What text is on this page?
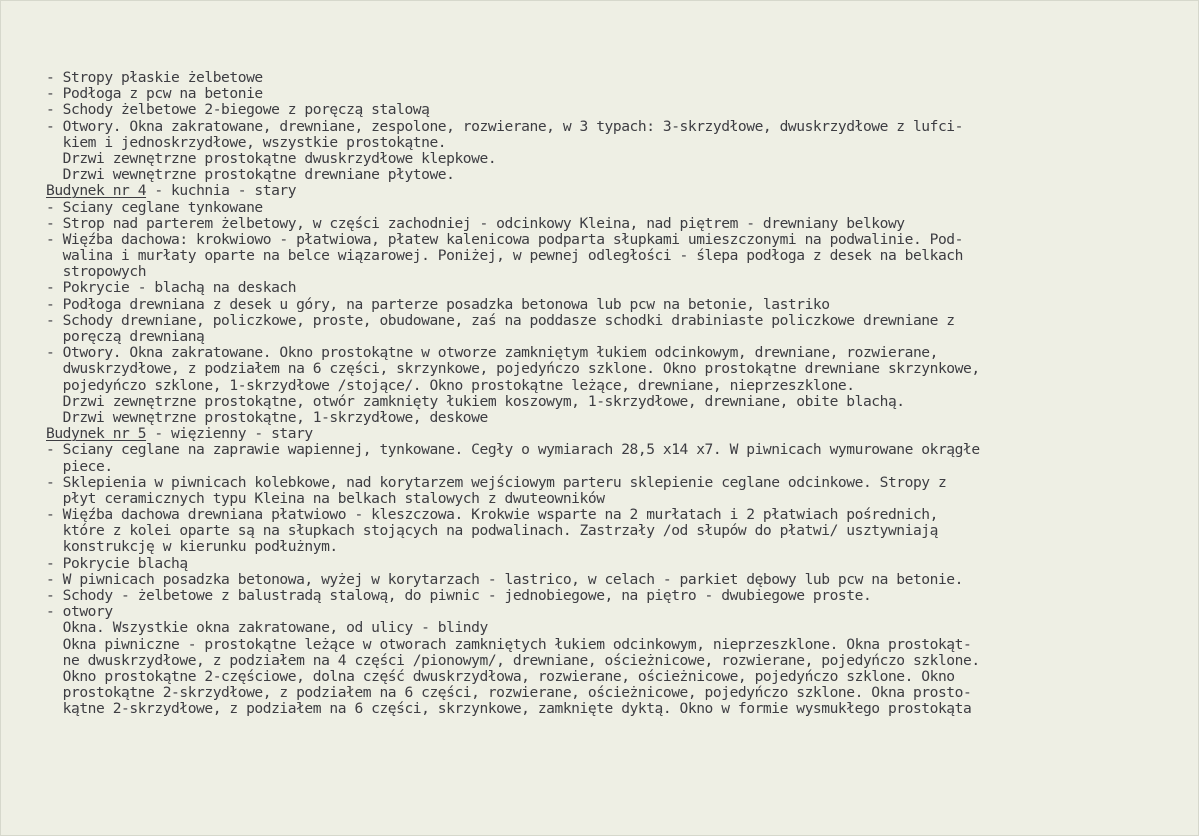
- Stropy płaskie żelbetowe
- Podłoga z pcw na betonie
- Schody żelbetowe 2-biegowe z poręczą stalową
- Otwory. Okna zakratowane, drewniane, zespolone, rozwierane, w 3 typach: 3-skrzydłowe, dwuskrzydłowe z lufci-
kiem i jednoskrzydłowe, wszystkie prostokątne.
Drzwi zewnętrzne prostokątne dwuskrzydłowe klepkowe.
Drzwi wewnętrzne prostokątne drewniane płytowe.
Budynek nr 4 - kuchnia - stary
- Sciany ceglane tynkowane
- Strop nad parterem żelbetowy, w części zachodniej - odcinkowy Kleina, nad piętrem - drewniany belkowy
- Więźba dachowa: krokwiowo - płatwiowa, płatew kalenicowa podparta słupkami umieszczonymi na podwalinie. Pod-
walina i murłaty oparte na belce wiązarowej. Poniżej, w pewnej odległości - ślepa podłoga z desek na belkach
stropowych
- Pokrycie - blachą na deskach
- Podłoga drewniana z desek u góry, na parterze posadzka betonowa lub pcw na betonie, lastriko
- Schody drewniane, policzkowe, proste, obudowane, zaś na poddasze schodki drabiniaste policzkowe drewniane z
poręczą drewnianą
- Otwory. Okna zakratowane. Okno prostokątne w otworze zamkniętym łukiem odcinkowym, drewniane, rozwierane,
dwuskrzydłowe, z podziałem na 6 części, skrzynkowe, pojedyńczo szklone. Okno prostokątne drewniane skrzynkowe,
pojedyńczo szklone, 1-skrzydłowe /stojące/. Okno prostokątne leżące, drewniane, nieprzeszklone.
Drzwi zewnętrzne prostokątne, otwór zamknięty łukiem koszowym, 1-skrzydłowe, drewniane, obite blachą.
Drzwi wewnętrzne prostokątne, 1-skrzydłowe, deskowe
Budynek nr 5 - więzienny - stary
- Sciany ceglane na zaprawie wapiennej, tynkowane. Cegły o wymiarach 28,5 x14 x7. W piwnicach wymurowane okrągłe
piece.
- Sklepienia w piwnicach kolebkowe, nad korytarzem wejściowym parteru sklepienie ceglane odcinkowe. Stropy z
płyt ceramicznych typu Kleina na belkach stalowych z dwuteowników
- Więźba dachowa drewniana płatwiowo - kleszczowa. Krokwie wsparte na 2 murłatach i 2 płatwiach pośrednich,
które z kolei oparte są na słupkach stojących na podwalinach. Zastrzały /od słupów do płatwi/ usztywniają
konstrukcję w kierunku podłużnym.
- Pokrycie blachą
- W piwnicach posadzka betonowa, wyżej w korytarzach - lastrico, w celach - parkiet dębowy lub pcw na betonie.
- Schody - żelbetowe z balustradą stalową, do piwnic - jednobiegowe, na piętro - dwubiegowe proste.
- otwory
Okna. Wszystkie okna zakratowane, od ulicy - blindy
Okna piwniczne - prostokątne leżące w otworach zamkniętych łukiem odcinkowym, nieprzeszklone. Okna prostokąt-
ne dwuskrzydłowe, z podziałem na 4 części /pionowym/, drewniane, ościeżnicowe, rozwierane, pojedyńczo szklone.
Okno prostokątne 2-częściowe, dolna część dwuskrzydłowa, rozwierane, ościeżnicowe, pojedyńczo szklone. Okno
prostokątne 2-skrzydłowe, z podziałem na 6 części, rozwierane, ościeżnicowe, pojedyńczo szklone. Okna prosto-
kątne 2-skrzydłowe, z podziałem na 6 części, skrzynkowe, zamknięte dyktą. Okno w formie wysmukłego prostokąta
